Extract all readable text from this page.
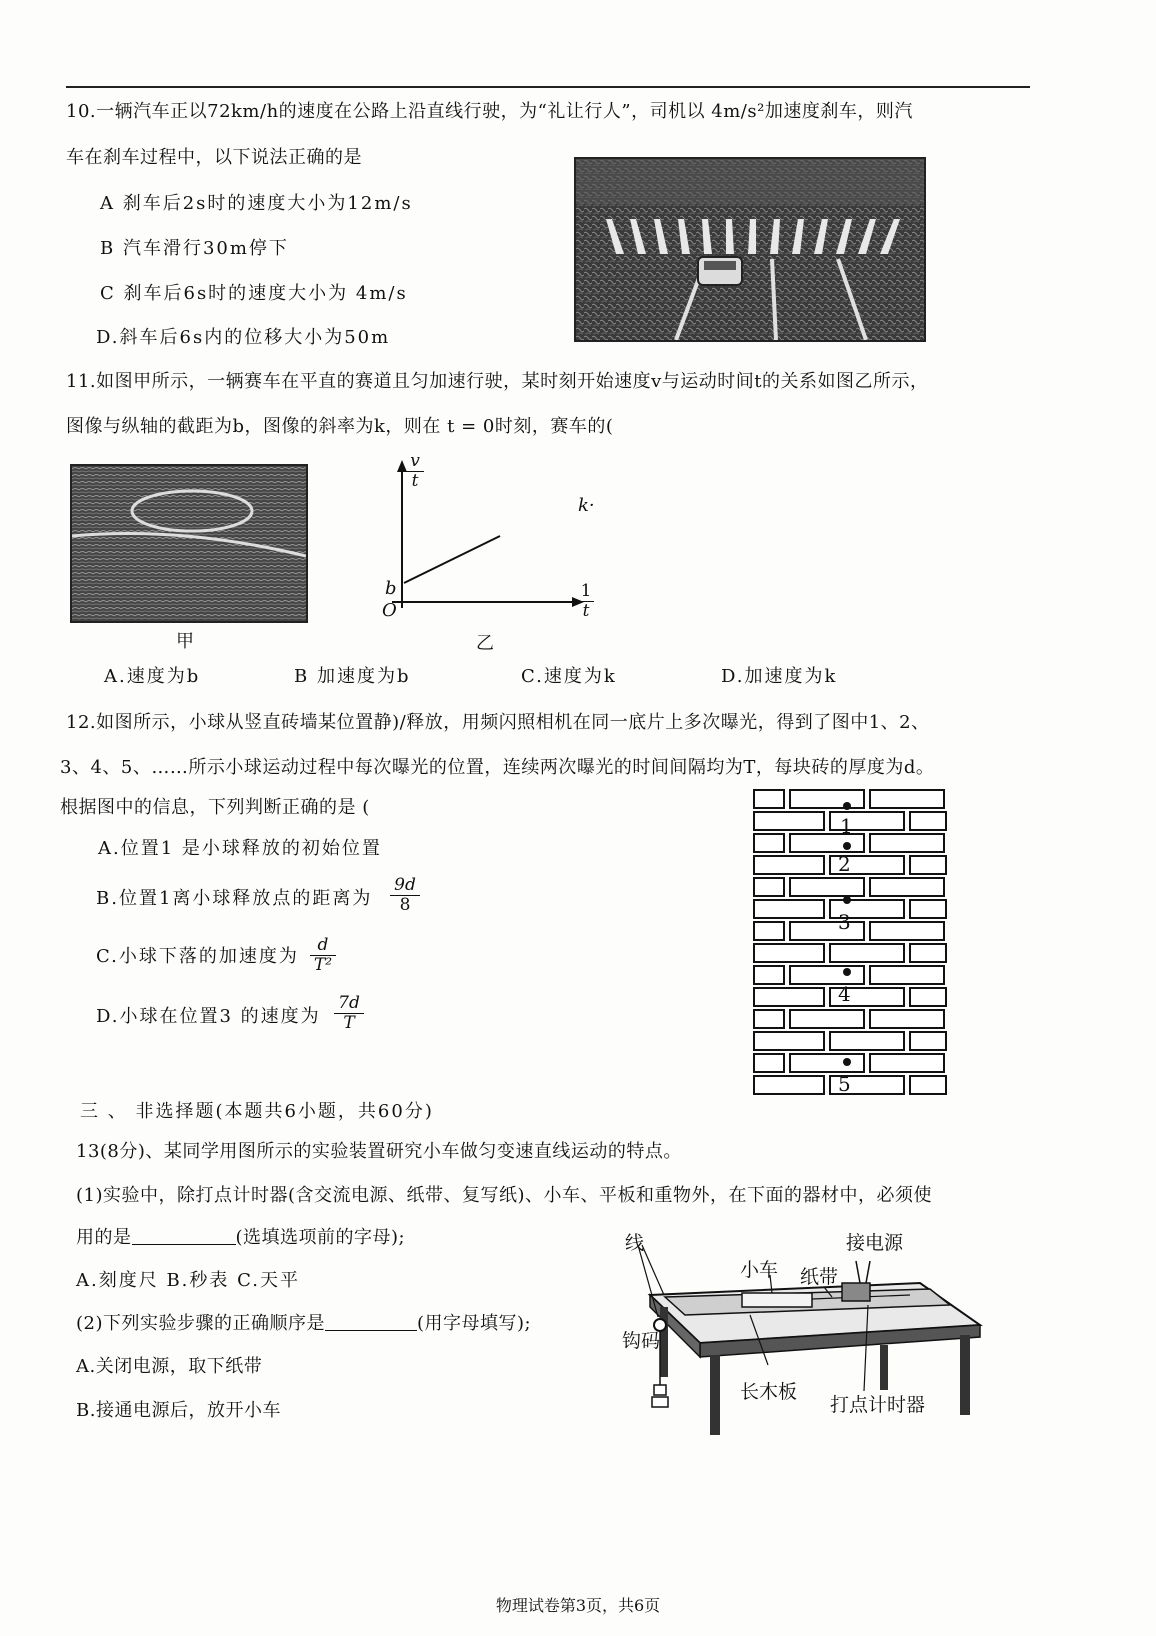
10.一辆汽车正以72km/h的速度在公路上沿直线行驶，为“礼让行人”，司机以 4m/s²加速度刹车，则汽
车在刹车过程中，以下说法正确的是
A 刹车后2s时的速度大小为12m/s
B 汽车滑行30m停下
C 刹车后6s时的速度大小为 4m/s
D.斜车后6s内的位移大小为50m
11.如图甲所示，一辆赛车在平直的赛道且匀加速行驶，某时刻开始速度v与运动时间t的关系如图乙所示，
图像与纵轴的截距为b，图像的斜率为k，则在 t = 0时刻，赛车的(
甲
$\frac{v}{t}$
$\frac{1}{t}$
b
O
k·
乙
A.速度为b	B 加速度为b	C.速度为k	D.加速度为k
12.如图所示，小球从竖直砖墙某位置静)/释放，用频闪照相机在同一底片上多次曝光，得到了图中1、2、
3、4、5、……所示小球运动过程中每次曝光的位置，连续两次曝光的时间间隔均为T，每块砖的厚度为d。
根据图中的信息，下列判断正确的是 (
A.位置1 是小球释放的初始位置
B.位置1离小球释放点的距离为 $\frac{9d}{8}$
C.小球下落的加速度为 $\frac{d}{\text{T²}}$
D.小球在位置3 的速度为 $\frac{7d}{T}$
1
2
3
4
5
三 、 非选择题(本题共6小题，共60分)
13(8分)、某同学用图所示的实验装置研究小车做匀变速直线运动的特点。
(1)实验中，除打点计时器(含交流电源、纸带、复写纸)、小车、平板和重物外，在下面的器材中，必须使
用的是	(选填选项前的字母);
A.刻度尺 B.秒表 C.天平
(2)下列实验步骤的正确顺序是	(用字母填写);
A.关闭电源，取下纸带
B.接通电源后，放开小车
线	接电源
小车 纸带
钩码
长木板
打点计时器
物理试卷第3页，共6页
